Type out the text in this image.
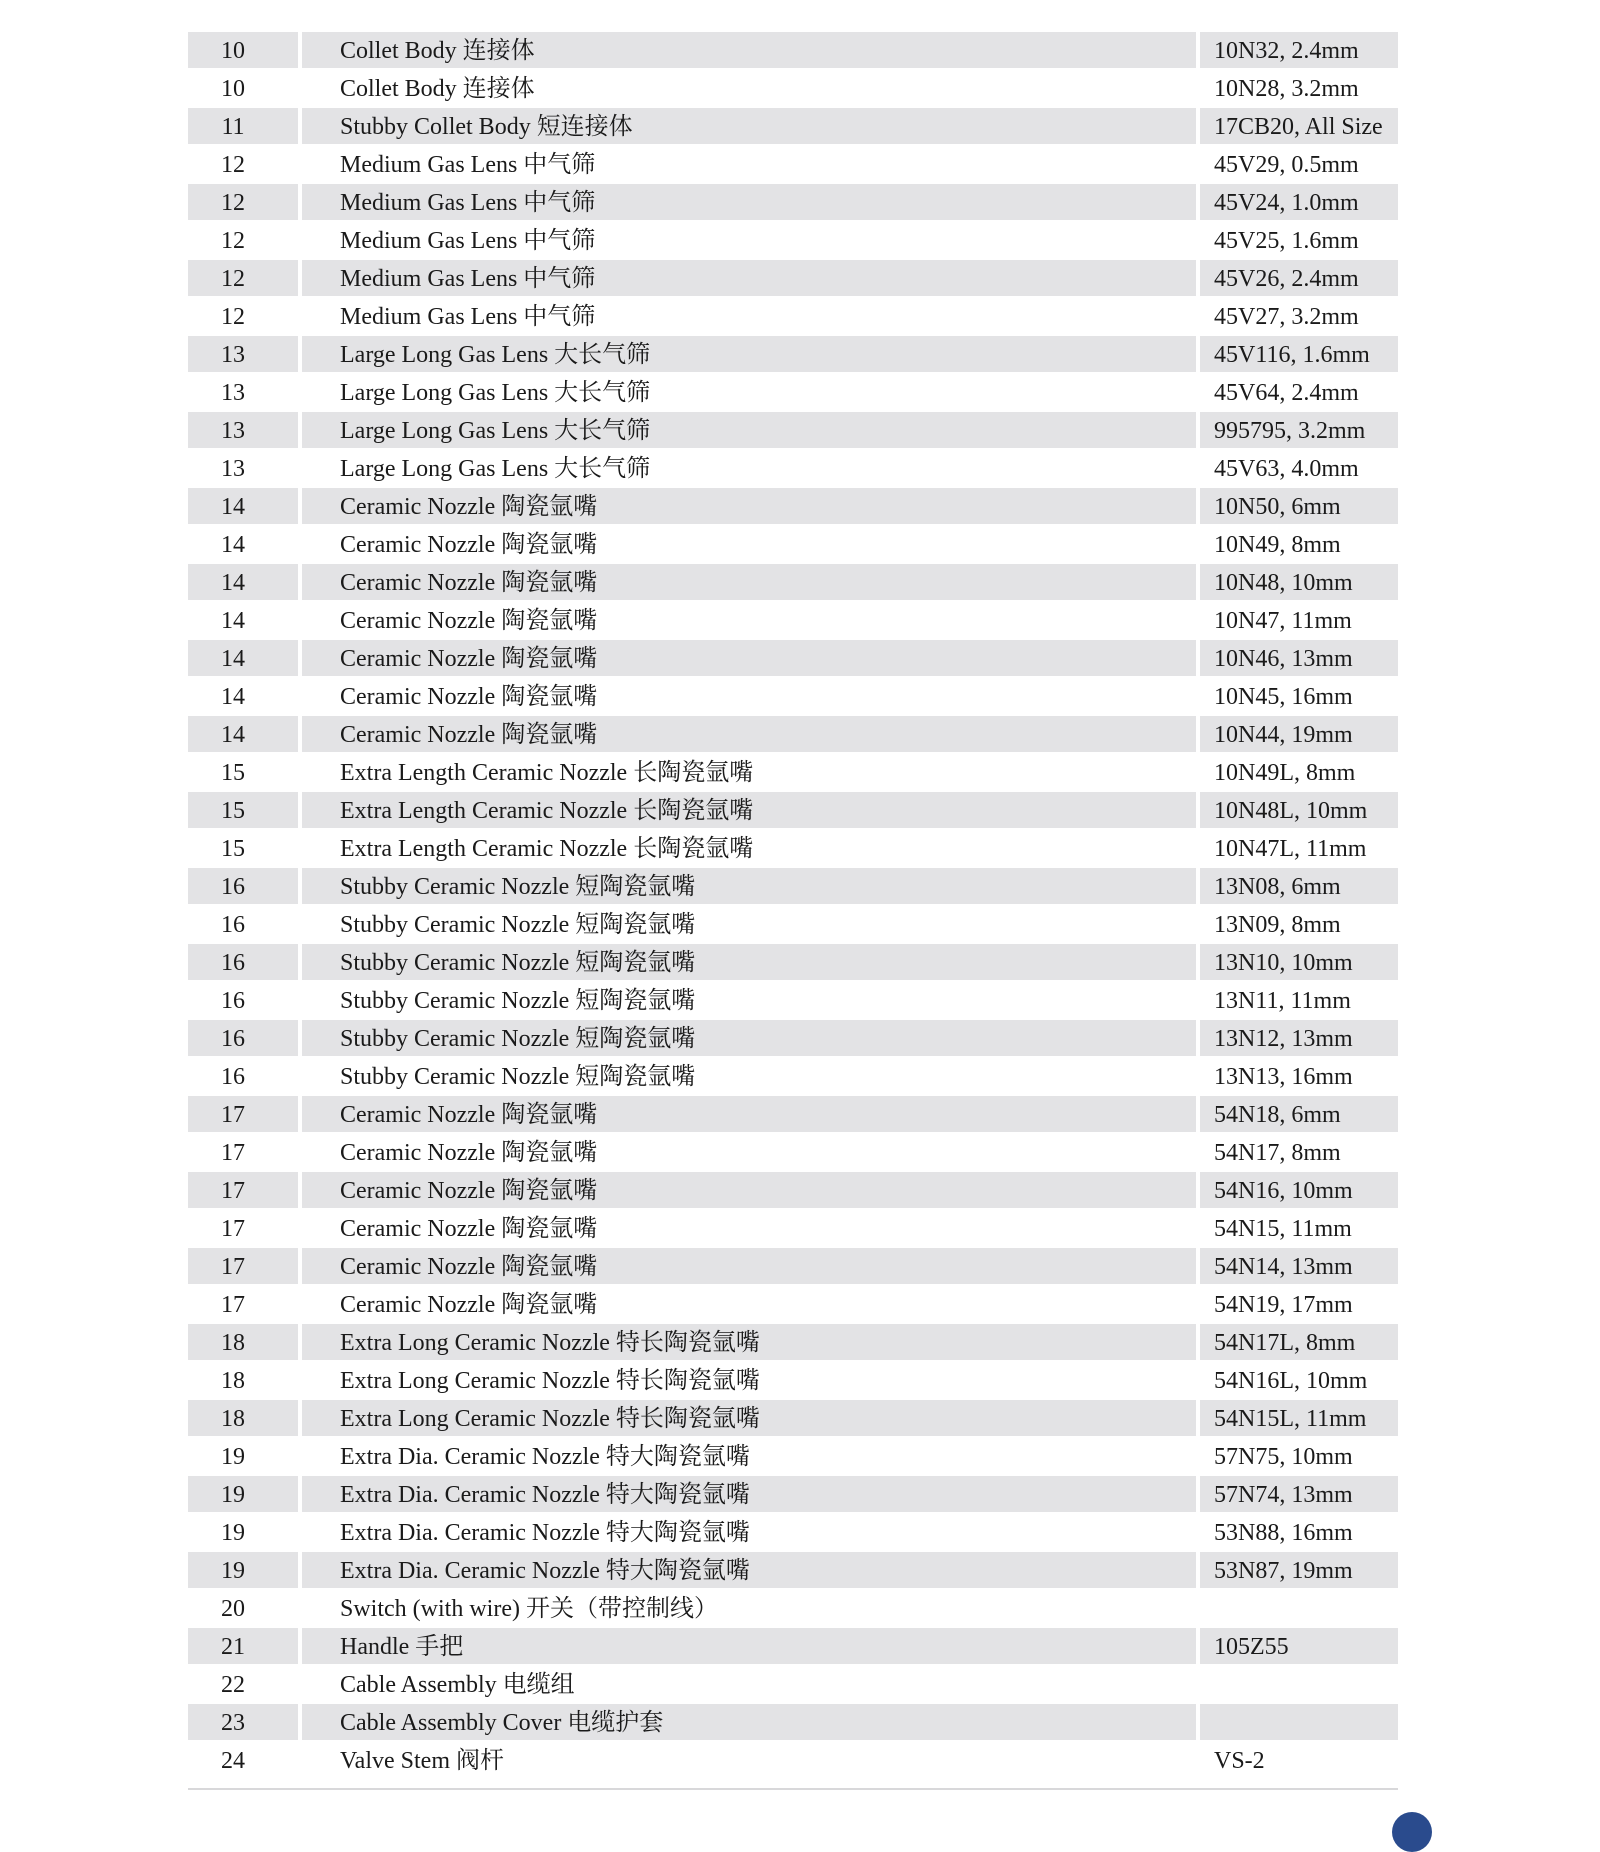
10	Collet Body 连接体	10N32, 2.4mm
10	Collet Body 连接体	10N28, 3.2mm
11	Stubby Collet Body 短连接体	17CB20, All Size
12	Medium Gas Lens 中气筛	45V29, 0.5mm
12	Medium Gas Lens 中气筛	45V24, 1.0mm
12	Medium Gas Lens 中气筛	45V25, 1.6mm
12	Medium Gas Lens 中气筛	45V26, 2.4mm
12	Medium Gas Lens 中气筛	45V27, 3.2mm
13	Large Long Gas Lens 大长气筛	45V116, 1.6mm
13	Large Long Gas Lens 大长气筛	45V64, 2.4mm
13	Large Long Gas Lens 大长气筛	995795, 3.2mm
13	Large Long Gas Lens 大长气筛	45V63, 4.0mm
14	Ceramic Nozzle 陶瓷氩嘴	10N50, 6mm
14	Ceramic Nozzle 陶瓷氩嘴	10N49, 8mm
14	Ceramic Nozzle 陶瓷氩嘴	10N48, 10mm
14	Ceramic Nozzle 陶瓷氩嘴	10N47, 11mm
14	Ceramic Nozzle 陶瓷氩嘴	10N46, 13mm
14	Ceramic Nozzle 陶瓷氩嘴	10N45, 16mm
14	Ceramic Nozzle 陶瓷氩嘴	10N44, 19mm
15	Extra Length Ceramic Nozzle 长陶瓷氩嘴	10N49L, 8mm
15	Extra Length Ceramic Nozzle 长陶瓷氩嘴	10N48L, 10mm
15	Extra Length Ceramic Nozzle 长陶瓷氩嘴	10N47L, 11mm
16	Stubby Ceramic Nozzle 短陶瓷氩嘴	13N08, 6mm
16	Stubby Ceramic Nozzle 短陶瓷氩嘴	13N09, 8mm
16	Stubby Ceramic Nozzle 短陶瓷氩嘴	13N10, 10mm
16	Stubby Ceramic Nozzle 短陶瓷氩嘴	13N11, 11mm
16	Stubby Ceramic Nozzle 短陶瓷氩嘴	13N12, 13mm
16	Stubby Ceramic Nozzle 短陶瓷氩嘴	13N13, 16mm
17	Ceramic Nozzle 陶瓷氩嘴	54N18, 6mm
17	Ceramic Nozzle 陶瓷氩嘴	54N17, 8mm
17	Ceramic Nozzle 陶瓷氩嘴	54N16, 10mm
17	Ceramic Nozzle 陶瓷氩嘴	54N15, 11mm
17	Ceramic Nozzle 陶瓷氩嘴	54N14, 13mm
17	Ceramic Nozzle 陶瓷氩嘴	54N19, 17mm
18	Extra Long Ceramic Nozzle 特长陶瓷氩嘴	54N17L, 8mm
18	Extra Long Ceramic Nozzle 特长陶瓷氩嘴	54N16L, 10mm
18	Extra Long Ceramic Nozzle 特长陶瓷氩嘴	54N15L, 11mm
19	Extra Dia. Ceramic Nozzle 特大陶瓷氩嘴	57N75, 10mm
19	Extra Dia. Ceramic Nozzle 特大陶瓷氩嘴	57N74, 13mm
19	Extra Dia. Ceramic Nozzle 特大陶瓷氩嘴	53N88, 16mm
19	Extra Dia. Ceramic Nozzle 特大陶瓷氩嘴	53N87, 19mm
20	Switch (with wire) 开关（带控制线）
21	Handle 手把	105Z55
22	Cable Assembly 电缆组
23	Cable Assembly Cover 电缆护套
24	Valve Stem 阀杆	VS-2
